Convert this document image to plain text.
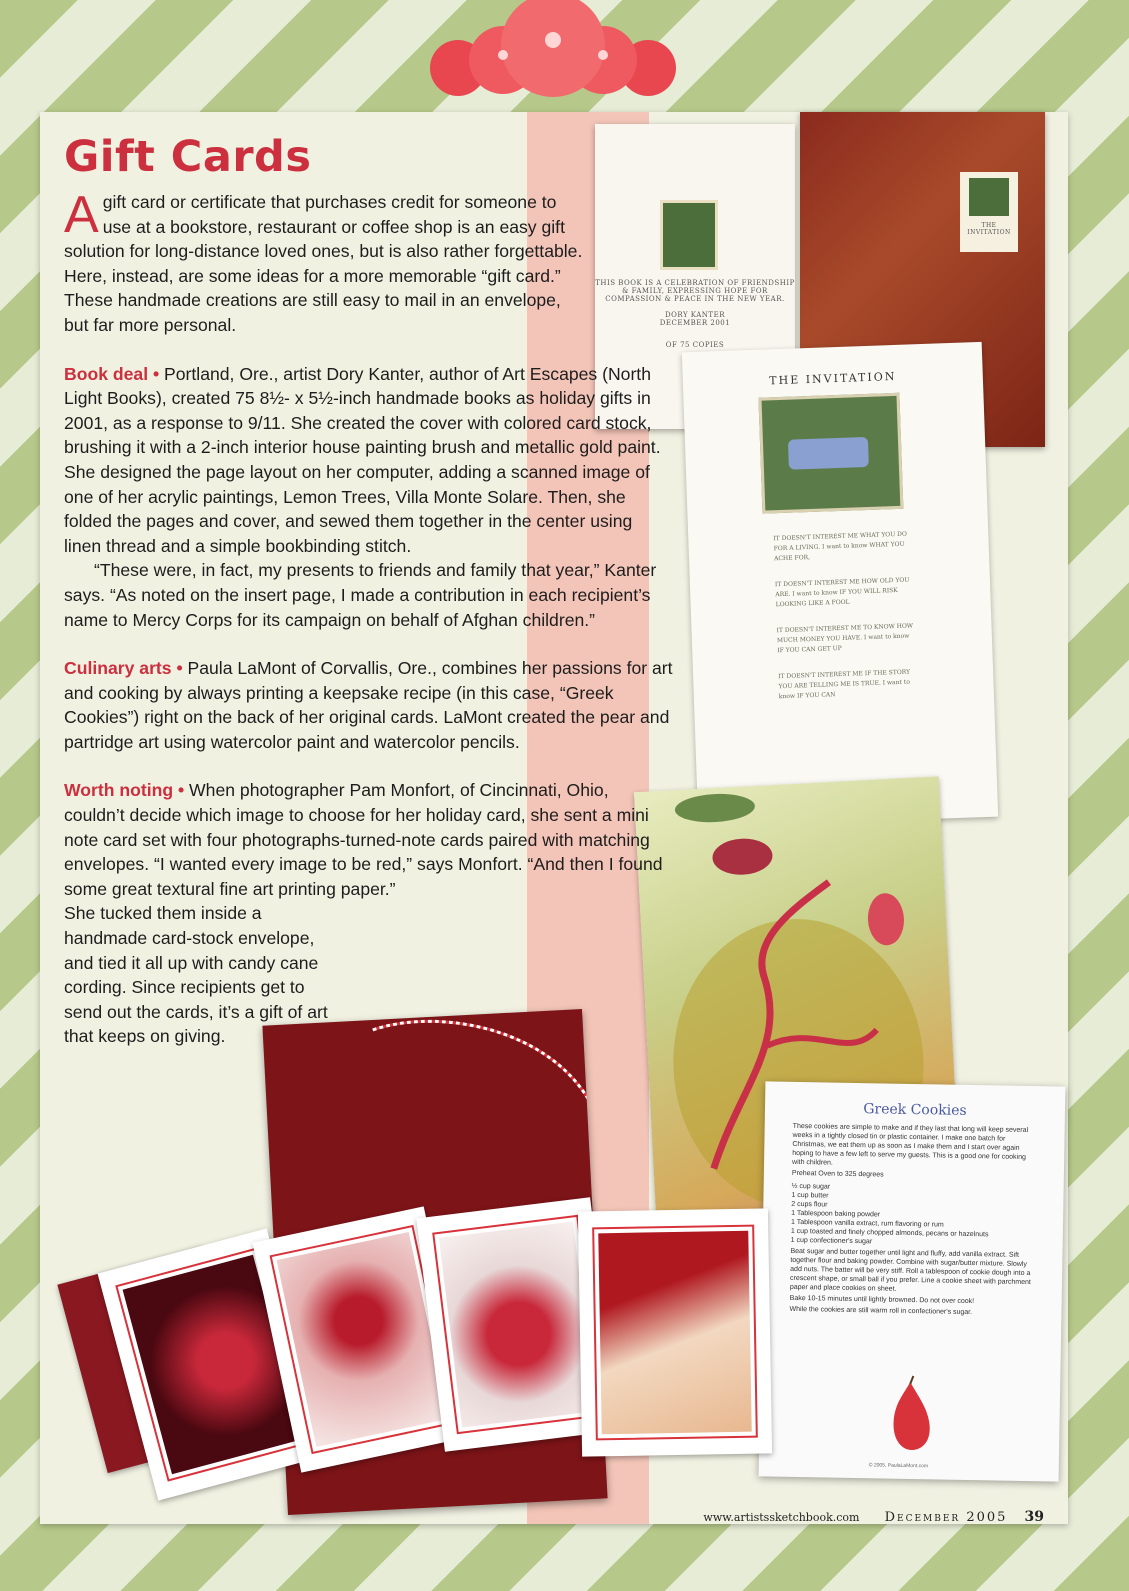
THIS BOOK IS A CELEBRATION OF FRIENDSHIP
& FAMILY, EXPRESSING HOPE FOR
COMPASSION & PEACE IN THE NEW YEAR.
DORY KANTER
DECEMBER 2001
OF 75 COPIES
THE INVITATION
THE INVITATION
IT DOESN'T INTEREST ME WHAT YOU DO FOR A LIVING. I want to know WHAT YOU ACHE FOR,
IT DOESN'T INTEREST ME HOW OLD YOU ARE. I want to know IF YOU WILL RISK LOOKING LIKE A FOOL
IT DOESN'T INTEREST ME TO KNOW HOW MUCH MONEY YOU HAVE. I want to know IF YOU CAN GET UP
IT DOESN'T INTEREST ME IF THE STORY YOU ARE TELLING ME IS TRUE. I want to know IF YOU CAN
Greek Cookies
These cookies are simple to make and if they last that long will keep several weeks in a tightly closed tin or plastic container. I make one batch for Christmas, we eat them up as soon as I make them and I start over again hoping to have a few left to serve my guests. This is a good one for cooking with children.
Preheat Oven to 325 degrees
½ cup sugar
1 cup butter
2 cups flour
1 Tablespoon baking powder
1 Tablespoon vanilla extract, rum flavoring or rum
1 cup toasted and finely chopped almonds, pecans or hazelnuts
1 cup confectioner's sugar
Beat sugar and butter together until light and fluffy, add vanilla extract. Sift together flour and baking powder. Combine with sugar/butter mixture. Slowly add nuts. The batter will be very stiff. Roll a tablespoon of cookie dough into a crescent shape, or small ball if you prefer. Line a cookie sheet with parchment paper and place cookies on sheet.
Bake 10-15 minutes until lightly browned. Do not over cook!
While the cookies are still warm roll in confectioner's sugar.
© 2005, PaulaLaMont.com
Gift Cards

A gift card or certificate that purchases credit for someone to use at a bookstore, restaurant or coffee shop is an easy gift solution for long-distance loved ones, but is also rather forgettable. Here, instead, are some ideas for a more memorable “gift card.” These handmade creations are still easy to mail in an envelope, but far more personal.

Book deal • Portland, Ore., artist Dory Kanter, author of Art Escapes (North Light Books), created 75 8½- x 5½-inch handmade books as holiday gifts in 2001, as a response to 9/11. She created the cover with colored card stock, brushing it with a 2-inch interior house painting brush and metallic gold paint. She designed the page layout on her computer, adding a scanned image of one of her acrylic paintings, Lemon Trees, Villa Monte Solare. Then, she folded the pages and cover, and sewed them together in the center using linen thread and a simple bookbinding stitch.

“These were, in fact, my presents to friends and family that year,” Kanter says. “As noted on the insert page, I made a contribution in each recipient’s name to Mercy Corps for its campaign on behalf of Afghan children.”

Culinary arts • Paula LaMont of Corvallis, Ore., combines her passions for art and cooking by always printing a keepsake recipe (in this case, “Greek Cookies”) right on the back of her original cards. LaMont created the pear and partridge art using watercolor paint and watercolor pencils.

Worth noting • When photographer Pam Monfort, of Cincinnati, Ohio, couldn’t decide which image to choose for her holiday card, she sent a mini note card set with four photographs-turned-note cards paired with matching envelopes. “I wanted every image to be red,” says Monfort. “And then I found some great textural fine art printing paper.”

She tucked them inside a handmade card-stock envelope, and tied it all up with candy cane cording. Since recipients get to send out the cards, it’s a gift of art that keeps on giving.

www.artistssketchbook.com December 2005 39
